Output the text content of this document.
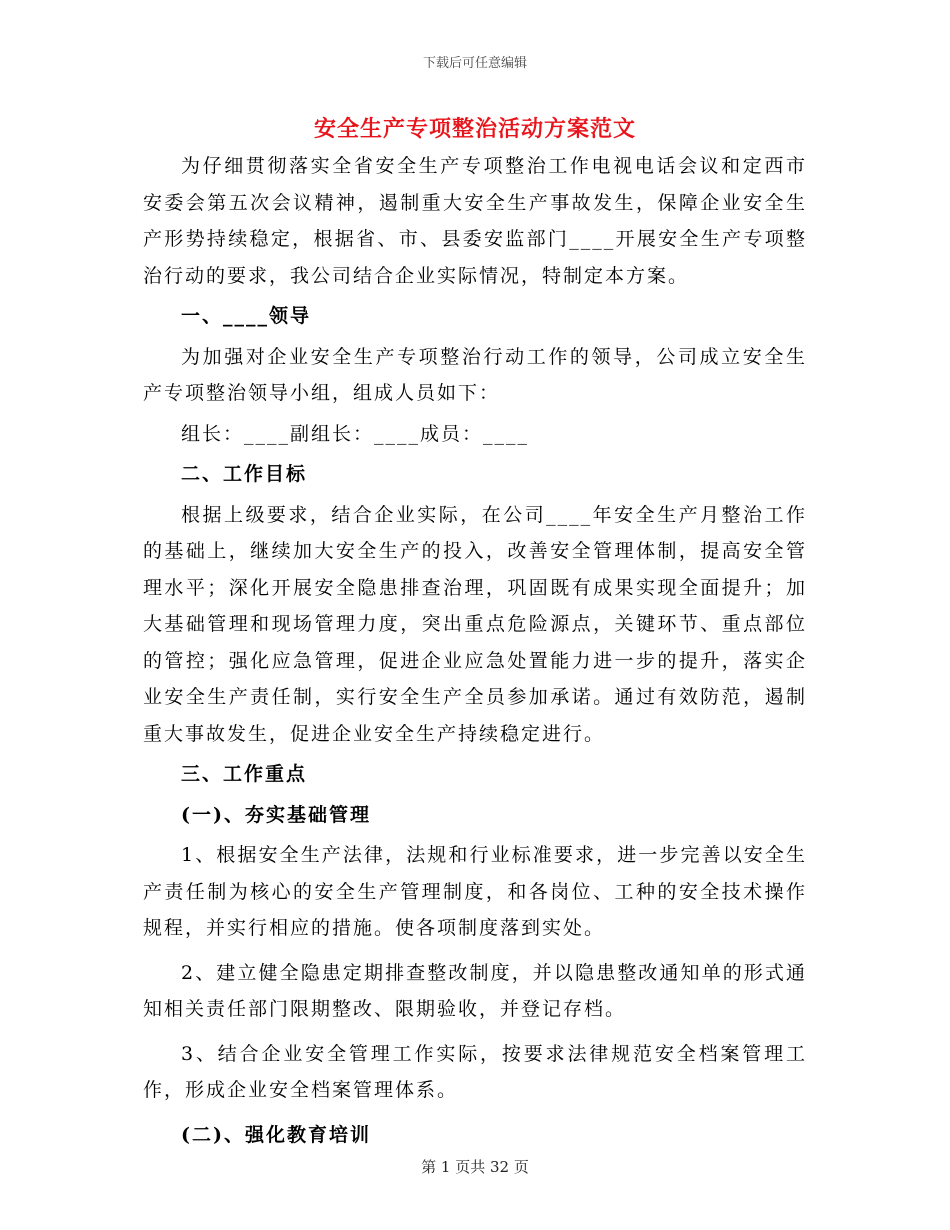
下载后可任意编辑
安全生产专项整治活动方案范文

为仔细贯彻落实全省安全生产专项整治工作电视电话会议和定西市安委会第五次会议精神，遏制重大安全生产事故发生，保障企业安全生产形势持续稳定，根据省、市、县委安监部门____开展安全生产专项整治行动的要求，我公司结合企业实际情况，特制定本方案。

一、____领导

为加强对企业安全生产专项整治行动工作的领导，公司成立安全生产专项整治领导小组，组成人员如下：

组长：____副组长：____成员：____

二、工作目标

根据上级要求，结合企业实际，在公司____年安全生产月整治工作的基础上，继续加大安全生产的投入，改善安全管理体制，提高安全管理水平；深化开展安全隐患排查治理，巩固既有成果实现全面提升；加大基础管理和现场管理力度，突出重点危险源点，关键环节、重点部位的管控；强化应急管理，促进企业应急处置能力进一步的提升，落实企业安全生产责任制，实行安全生产全员参加承诺。通过有效防范，遏制重大事故发生，促进企业安全生产持续稳定进行。

三、工作重点

(一)、夯实基础管理

1、根据安全生产法律，法规和行业标准要求，进一步完善以安全生产责任制为核心的安全生产管理制度，和各岗位、工种的安全技术操作规程，并实行相应的措施。使各项制度落到实处。

2、建立健全隐患定期排查整改制度，并以隐患整改通知单的形式通知相关责任部门限期整改、限期验收，并登记存档。

3、结合企业安全管理工作实际，按要求法律规范安全档案管理工作，形成企业安全档案管理体系。

(二)、强化教育培训

第 1 页共 32 页
